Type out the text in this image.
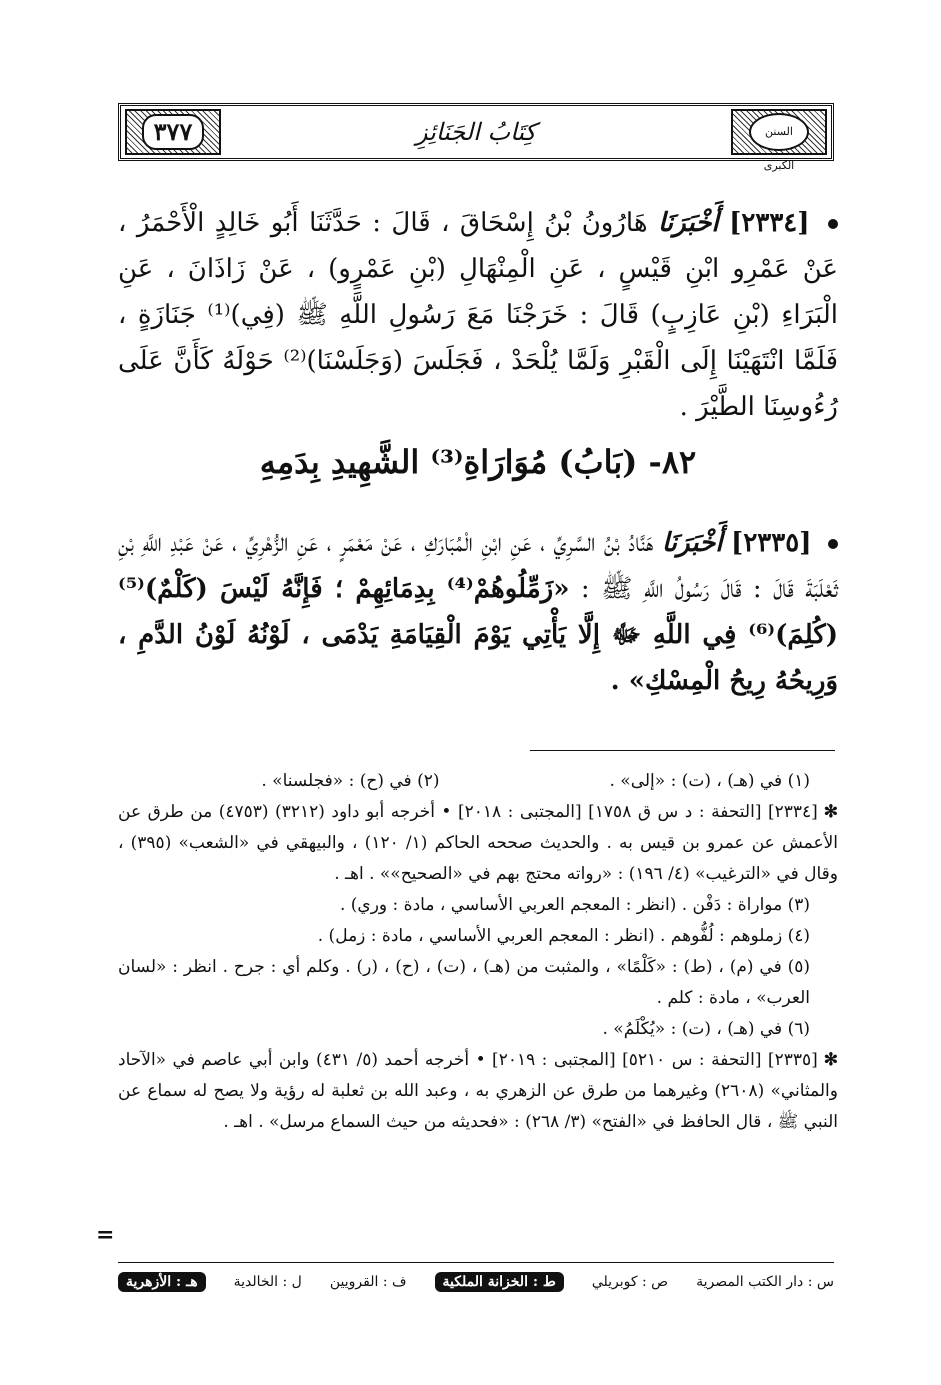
٣٧٧	كِتَابُ الجَنَائِزِ	السنن الكبرى
[٢٣٣٤] أَخْبَرَنَا هَارُونُ بْنُ إِسْحَاقَ ، قَالَ : حَدَّثَنَا أَبُو خَالِدٍ الْأَحْمَرُ ، عَنْ عَمْرِو ابْنِ قَيْسٍ ، عَنِ الْمِنْهَالِ (بْنِ عَمْرٍو) ، عَنْ زَاذَانَ ، عَنِ الْبَرَاءِ (بْنِ عَازِبٍ) قَالَ : خَرَجْنَا مَعَ رَسُولِ اللَّهِ ﷺ (فِي)⁽¹⁾ جَنَازَةٍ ، فَلَمَّا انْتَهَيْنَا إِلَى الْقَبْرِ وَلَمَّا يُلْحَدْ ، فَجَلَسَ (وَجَلَسْنَا)⁽²⁾ حَوْلَهُ كَأَنَّ عَلَى رُءُوسِنَا الطَّيْرَ .
٨٢- (بَابُ) مُوَارَاةِ⁽³⁾ الشَّهِيدِ بِدَمِهِ
[٢٣٣٥] أَخْبَرَنَا هَنَّادُ بْنُ السَّرِيِّ ، عَنِ ابْنِ الْمُبَارَكِ ، عَنْ مَعْمَرٍ ، عَنِ الزُّهْرِيِّ ، عَنْ عَبْدِ اللَّهِ بْنِ ثَعْلَبَةَ قَالَ : قَالَ رَسُولُ اللَّهِ ﷺ : «زَمِّلُوهُمْ⁽⁴⁾ بِدِمَائِهِمْ ؛ فَإِنَّهُ لَيْسَ (كَلْمٌ)⁽⁵⁾ (كُلِمَ)⁽⁶⁾ فِي اللَّهِ ﷻ إِلَّا يَأْتِي يَوْمَ الْقِيَامَةِ يَدْمَى ، لَوْنُهُ لَوْنُ الدَّمِ ، وَرِيحُهُ رِيحُ الْمِسْكِ» .
(١) في (هـ) ، (ت) : «إلى» .
(٢) في (ح) : «فجلسنا» .
✻[٢٣٣٤] [التحفة : د س ق ١٧٥٨] [المجتبى : ٢٠١٨] • أخرجه أبو داود (٣٢١٢) (٤٧٥٣) من طرق عن الأعمش عن عمرو بن قيس به . والحديث صححه الحاكم (١/ ١٢٠) ، والبيهقي في «الشعب» (٣٩٥) ، وقال في «الترغيب» (٤/ ١٩٦) : «رواته محتج بهم في «الصحيح»» . اهـ .
(٣) مواراة : دَفْن . (انظر : المعجم العربي الأساسي ، مادة : وري) .
(٤) زملوهم : لُفُّوهم . (انظر : المعجم العربي الأساسي ، مادة : زمل) .
(٥) في (م) ، (ط) : «كَلْمًا» ، والمثبت من (هـ) ، (ت) ، (ح) ، (ر) . وكلم أي : جرح . انظر : «لسان العرب» ، مادة : كلم .
(٦) في (هـ) ، (ت) : «يُكْلَمُ» .
✻[٢٣٣٥] [التحفة : س ٥٢١٠] [المجتبى : ٢٠١٩] • أخرجه أحمد (٥/ ٤٣١) وابن أبي عاصم في «الآحاد والمثاني» (٢٦٠٨) وغيرهما من طرق عن الزهري به ، وعبد الله بن ثعلبة له رؤية ولا يصح له سماع عن النبي ﷺ ، قال الحافظ في «الفتح» (٣/ ٢٦٨) : «فحديثه من حيث السماع مرسل» . اهـ .
=
س : دار الكتب المصرية
ص : كوبريلي
ط : الخزانة الملكية
ف : القرويين
ل : الخالدية
هـ : الأزهرية
